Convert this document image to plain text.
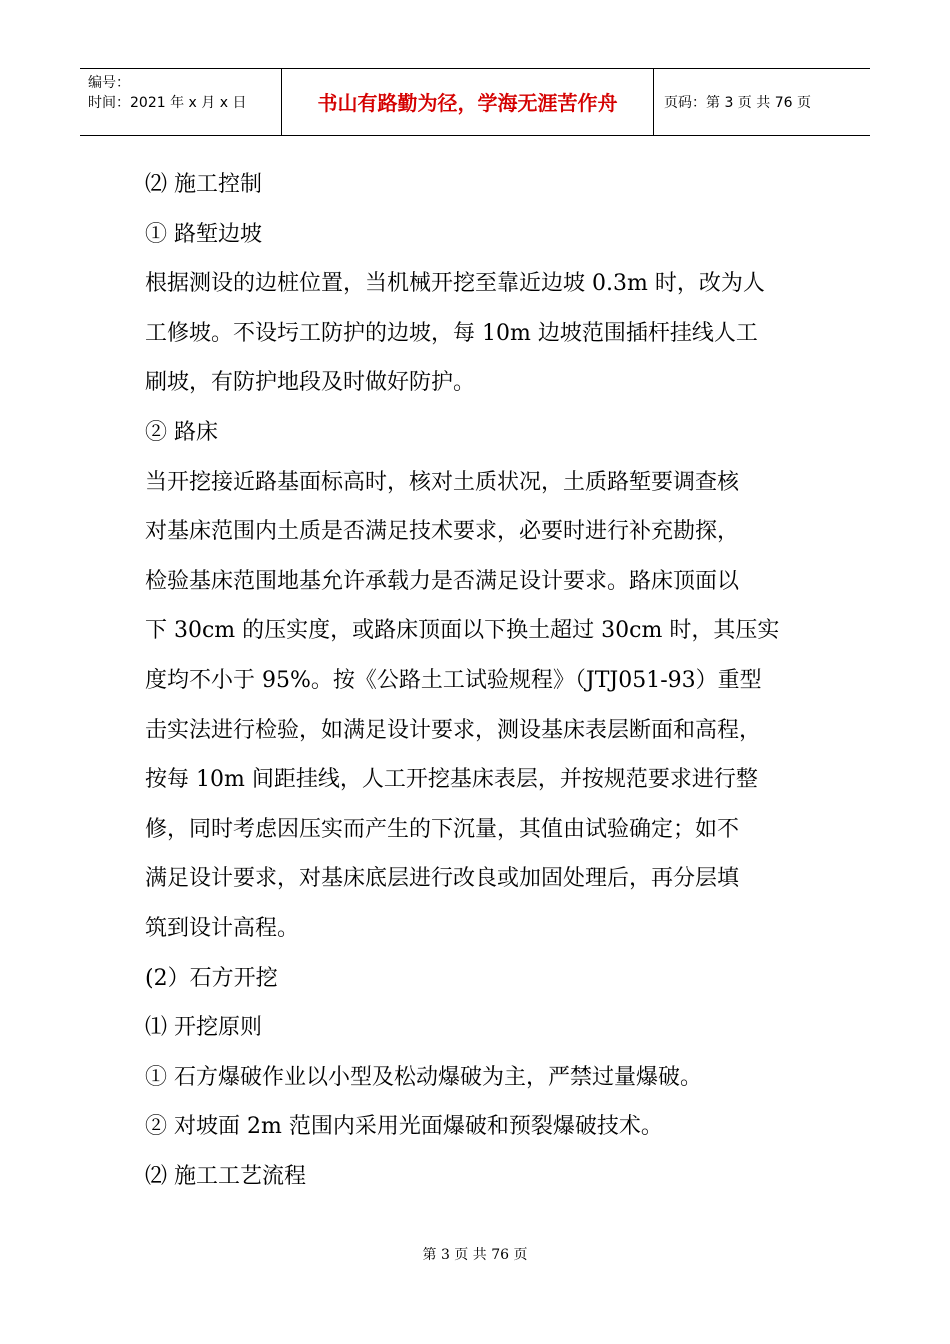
编号：
时间：2021 年 x 月 x 日	书山有路勤为径，学海无涯苦作舟	页码：第 3 页 共 76 页
⑵ 施工控制
① 路堑边坡
根据测设的边桩位置，当机械开挖至靠近边坡 0.3m 时，改为人
工修坡。不设圬工防护的边坡，每 10m 边坡范围插杆挂线人工
刷坡，有防护地段及时做好防护。
② 路床
当开挖接近路基面标高时，核对土质状况，土质路堑要调查核
对基床范围内土质是否满足技术要求，必要时进行补充勘探，
检验基床范围地基允许承载力是否满足设计要求。路床顶面以
下 30cm 的压实度，或路床顶面以下换土超过 30cm 时，其压实
度均不小于 95%。按《公路土工试验规程》（JTJ051-93）重型
击实法进行检验，如满足设计要求，测设基床表层断面和高程，
按每 10m 间距挂线，人工开挖基床表层，并按规范要求进行整
修，同时考虑因压实而产生的下沉量，其值由试验确定；如不
满足设计要求，对基床底层进行改良或加固处理后，再分层填
筑到设计高程。
(2）石方开挖
⑴ 开挖原则
① 石方爆破作业以小型及松动爆破为主，严禁过量爆破。
② 对坡面 2m 范围内采用光面爆破和预裂爆破技术。
⑵ 施工工艺流程
第 3 页 共 76 页
